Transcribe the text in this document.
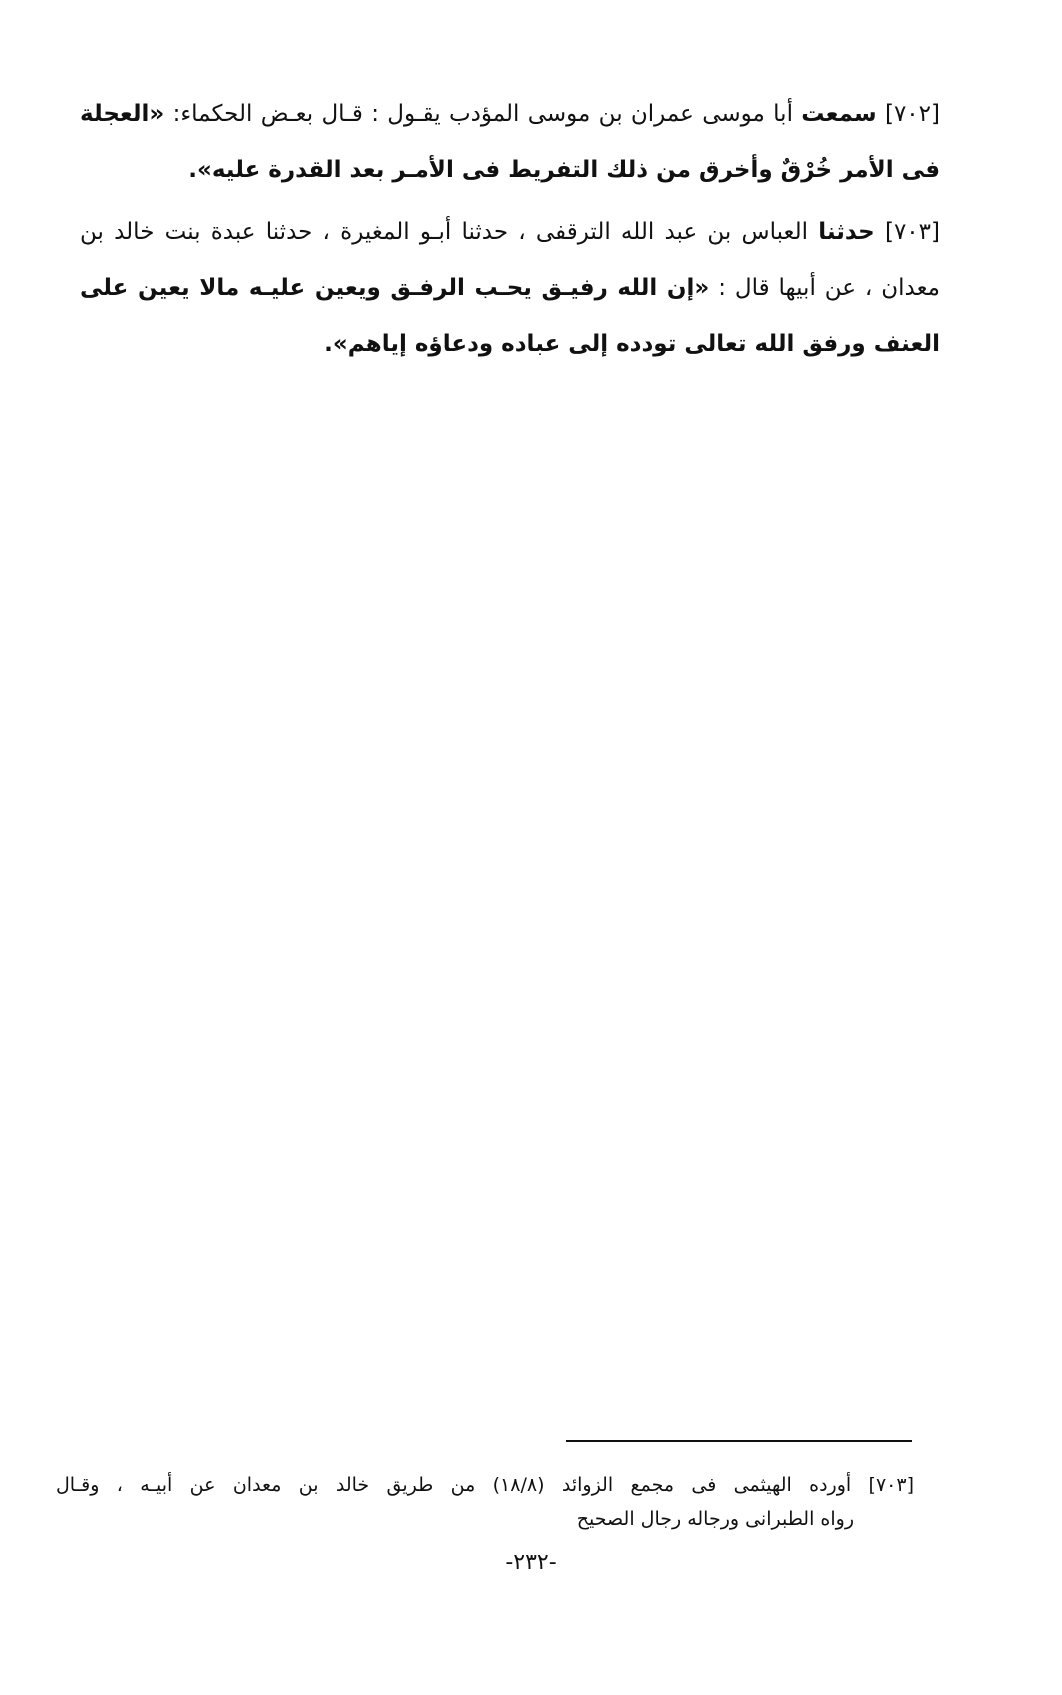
[٧٠٢] سمعت أبا موسى عمران بن موسى المؤدب يقـول : قـال بعـض الحكماء: «العجلة فى الأمر خُرْقٌ وأخرق من ذلك التفريط فى الأمـر بعد القدرة عليه».

[٧٠٣] حدثنا العباس بن عبد الله الترقفى ، حدثنا أبـو المغيرة ، حدثنا عبدة بنت خالد بن معدان ، عن أبيها قال : «إن الله رفيـق يحـب الرفـق ويعين عليـه مالا يعين على العنف ورفق الله تعالى توددﻩ إلى عباده ودعاؤه إياهم».

[٧٠٣] أورده الهيثمى فى مجمع الزوائد (١٨/٨) من طريق خالد بن معدان عن أبيـه ، وقـال
رواه الطبرانى ورجاله رجال الصحيح
-٢٣٢-
